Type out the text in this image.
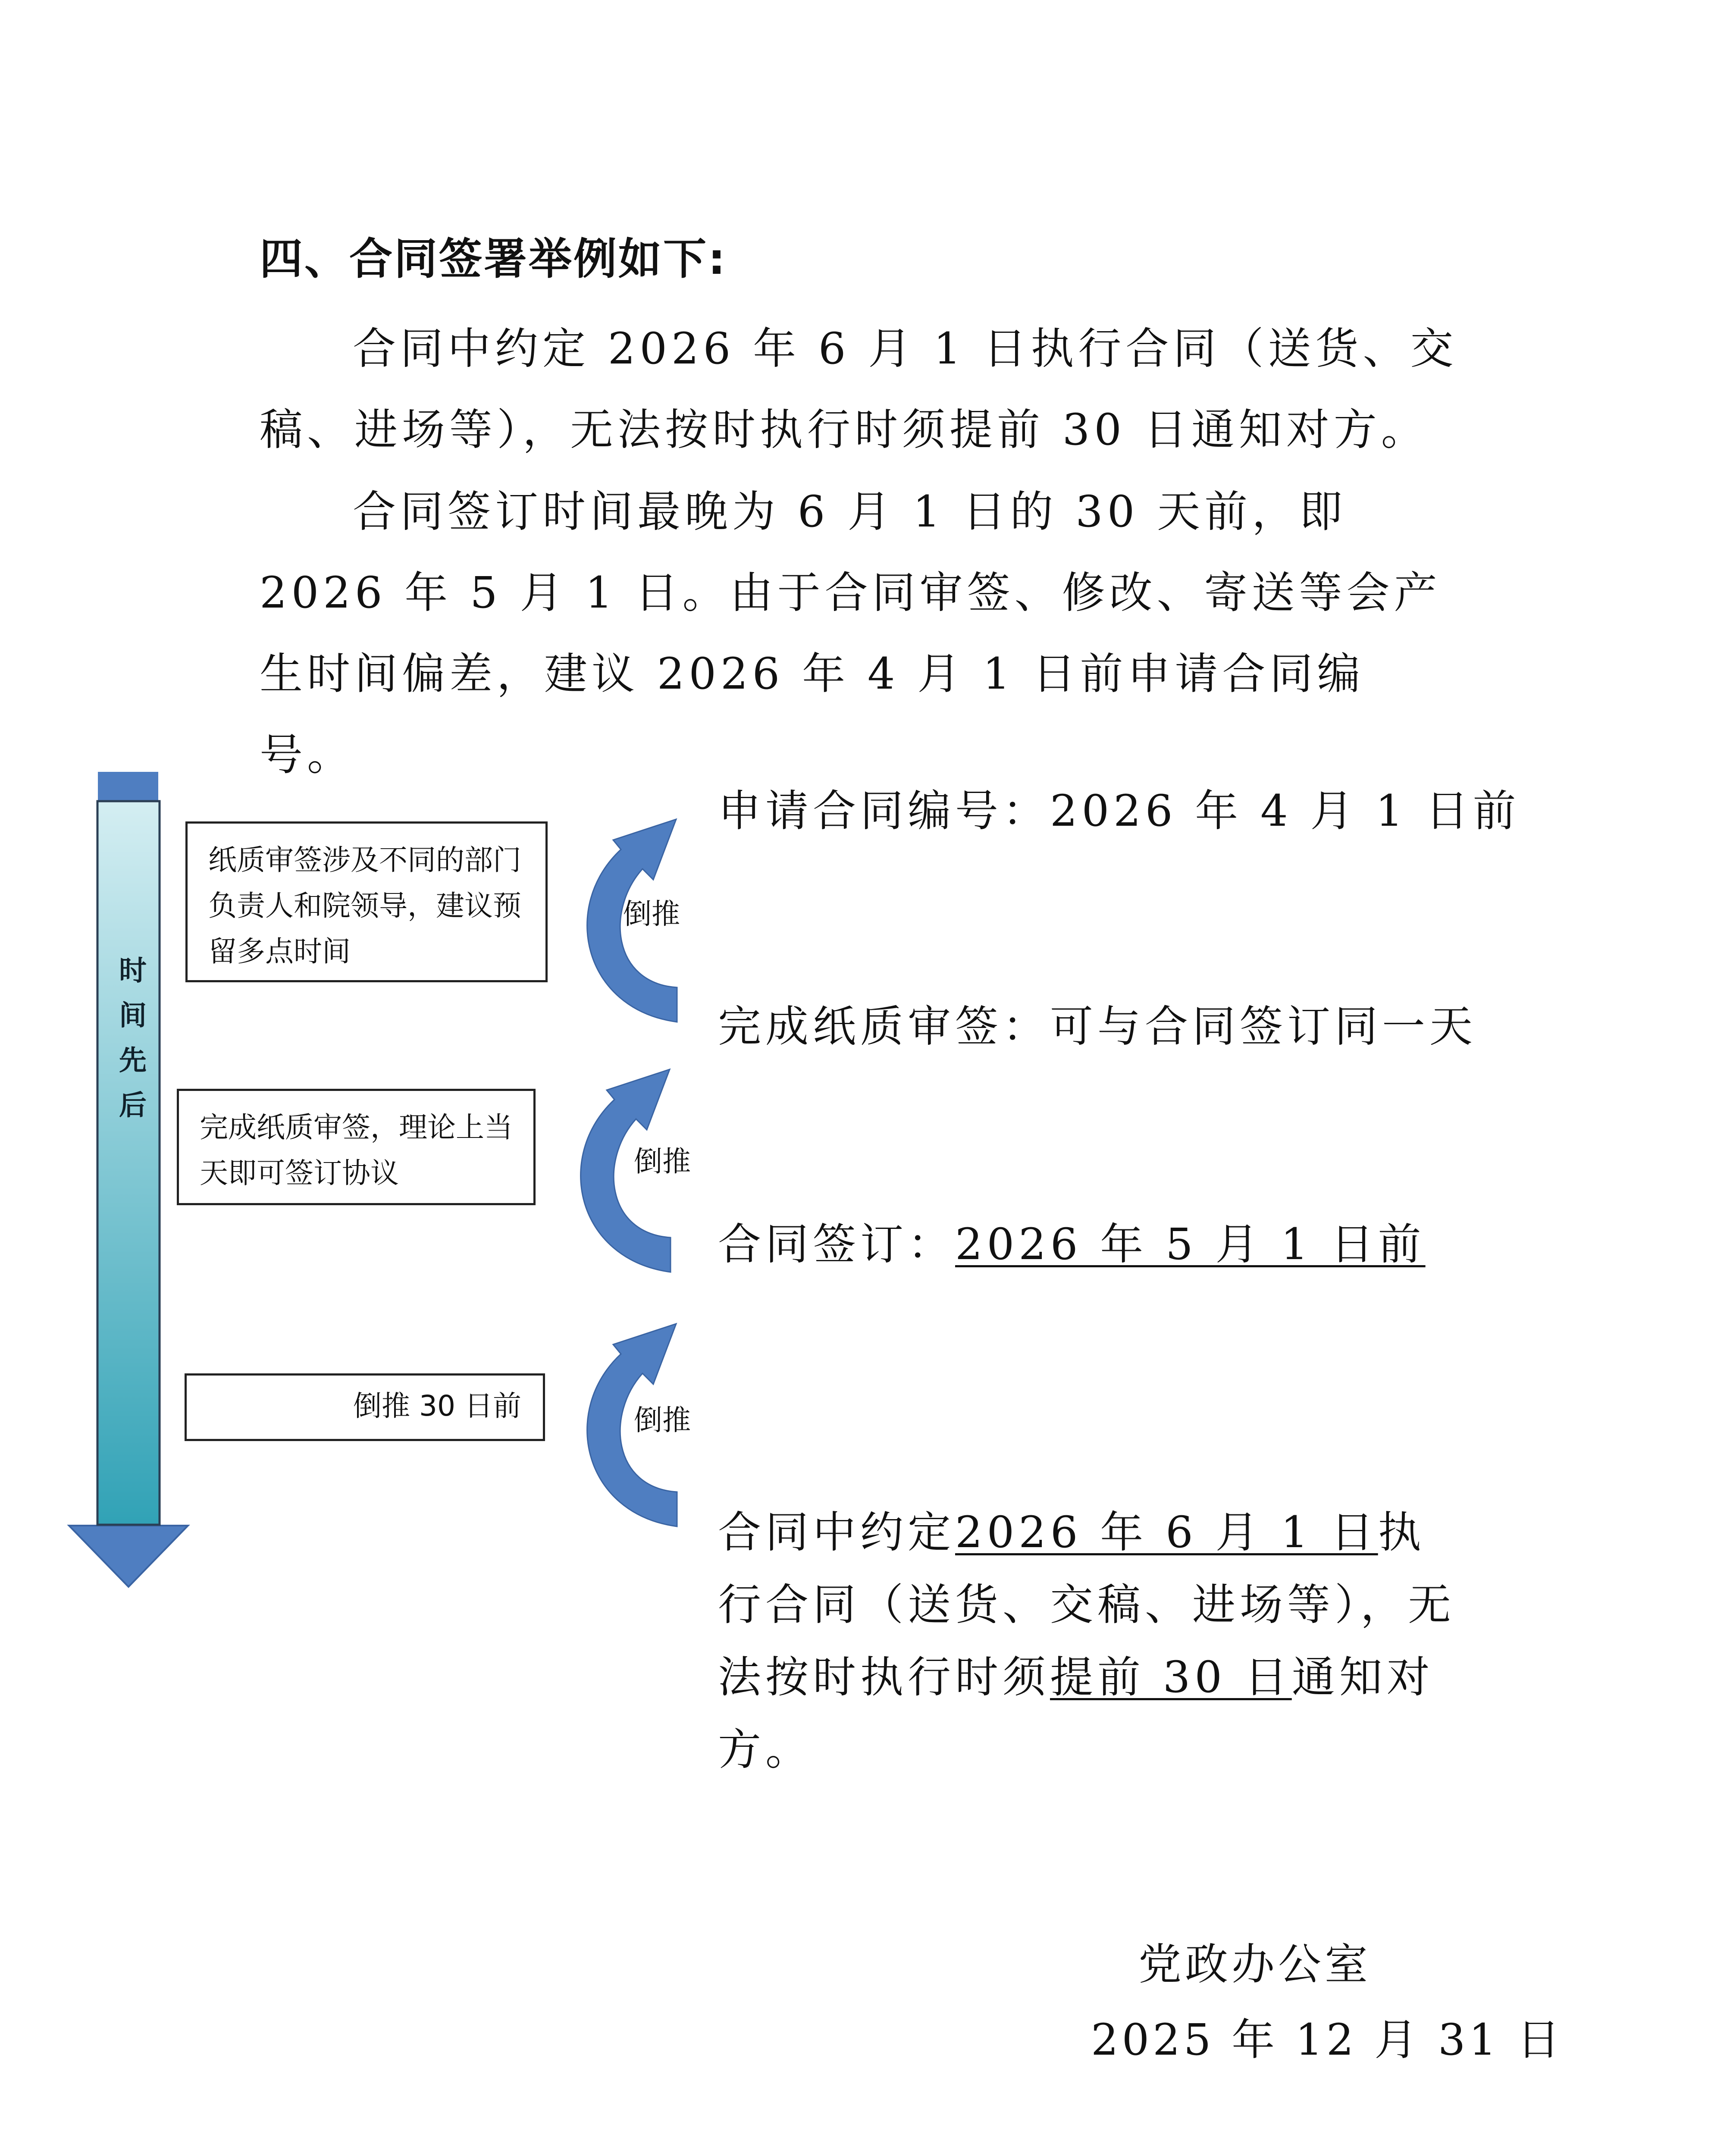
四、合同签署举例如下:
合同中约定 2026 年 6 月 1 日执行合同（送货、交稿、进场等），无法按时执行时须提前 30 日通知对方。
合同签订时间最晚为 6 月 1 日的 30 天前，即 2026 年 5 月 1 日。由于合同审签、修改、寄送等会产生时间偏差，建议 2026 年 4 月 1 日前申请合同编号。
时间先后
纸质审签涉及不同的部门负责人和院领导，建议预留多点时间
完成纸质审签，理论上当天即可签订协议
倒推 30 日前
倒推
倒推
倒推
申请合同编号：2026 年 4 月 1 日前
完成纸质审签：可与合同签订同一天
合同签订：2026 年 5 月 1 日前
合同中约定2026 年 6 月 1 日执行合同（送货、交稿、进场等），无法按时执行时须提前 30 日通知对方。
党政办公室
2025 年 12 月 31 日
